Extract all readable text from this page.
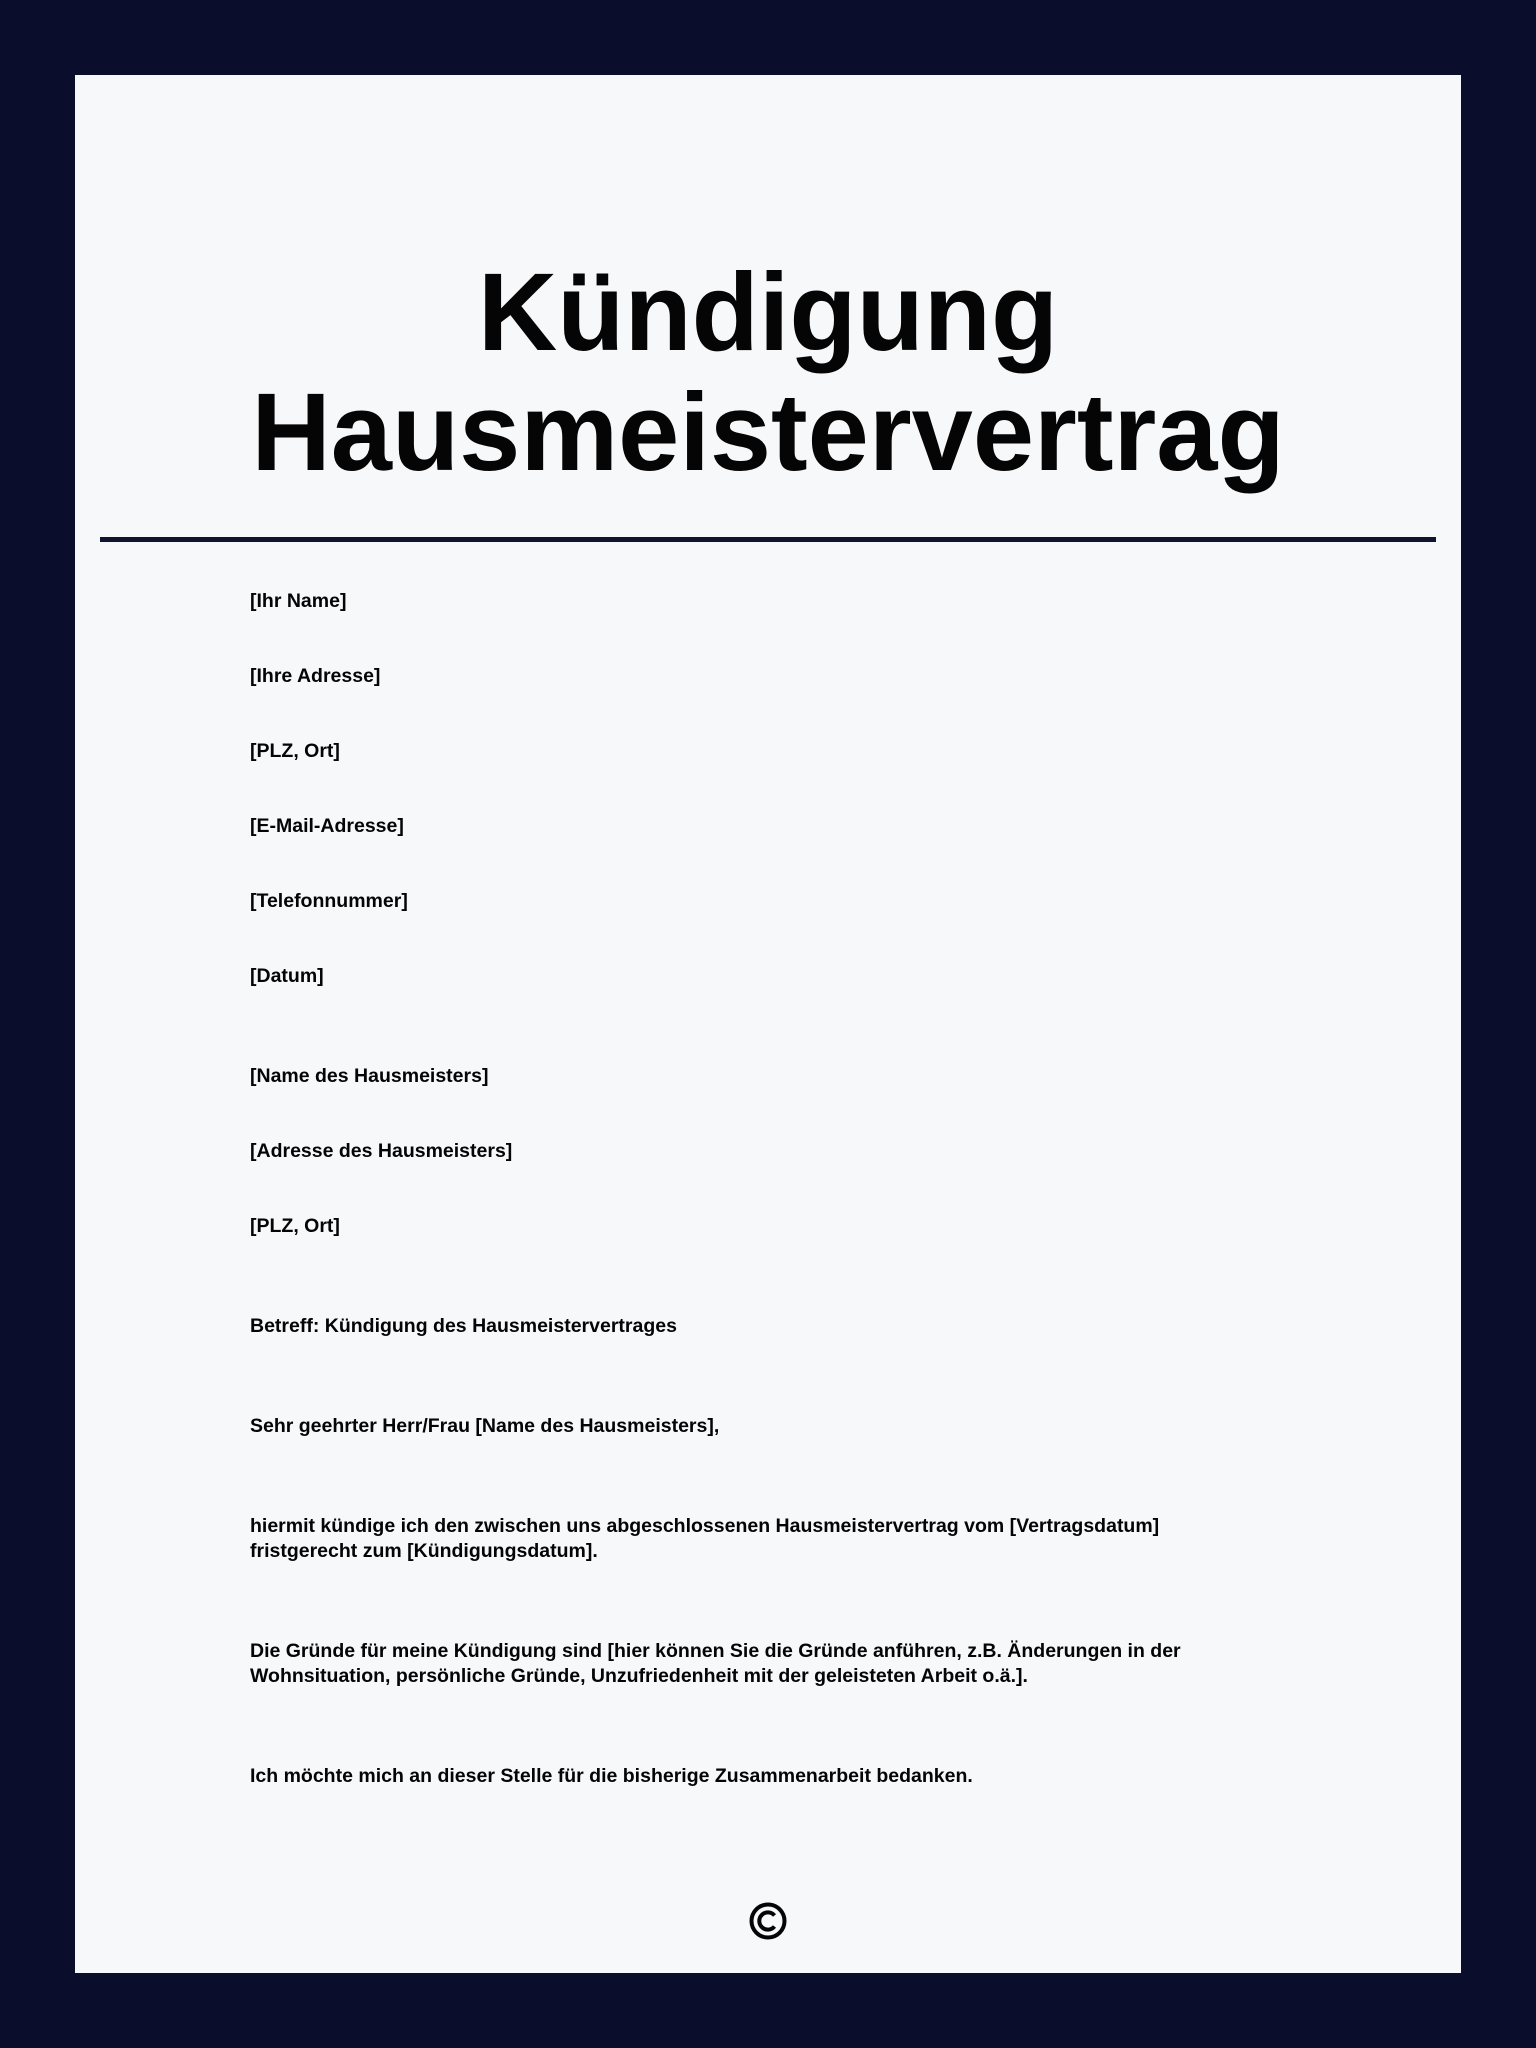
Kündigung
Hausmeistervertrag
[Ihr Name]
[Ihre Adresse]
[PLZ, Ort]
[E-Mail-Adresse]
[Telefonnummer]
[Datum]
[Name des Hausmeisters]
[Adresse des Hausmeisters]
[PLZ, Ort]
Betreff: Kündigung des Hausmeistervertrages
Sehr geehrter Herr/Frau [Name des Hausmeisters],
hiermit kündige ich den zwischen uns abgeschlossenen Hausmeistervertrag vom [Vertragsdatum]
fristgerecht zum [Kündigungsdatum].
Die Gründe für meine Kündigung sind [hier können Sie die Gründe anführen, z.B. Änderungen in der
Wohnsituation, persönliche Gründe, Unzufriedenheit mit der geleisteten Arbeit o.ä.].
Ich möchte mich an dieser Stelle für die bisherige Zusammenarbeit bedanken.
